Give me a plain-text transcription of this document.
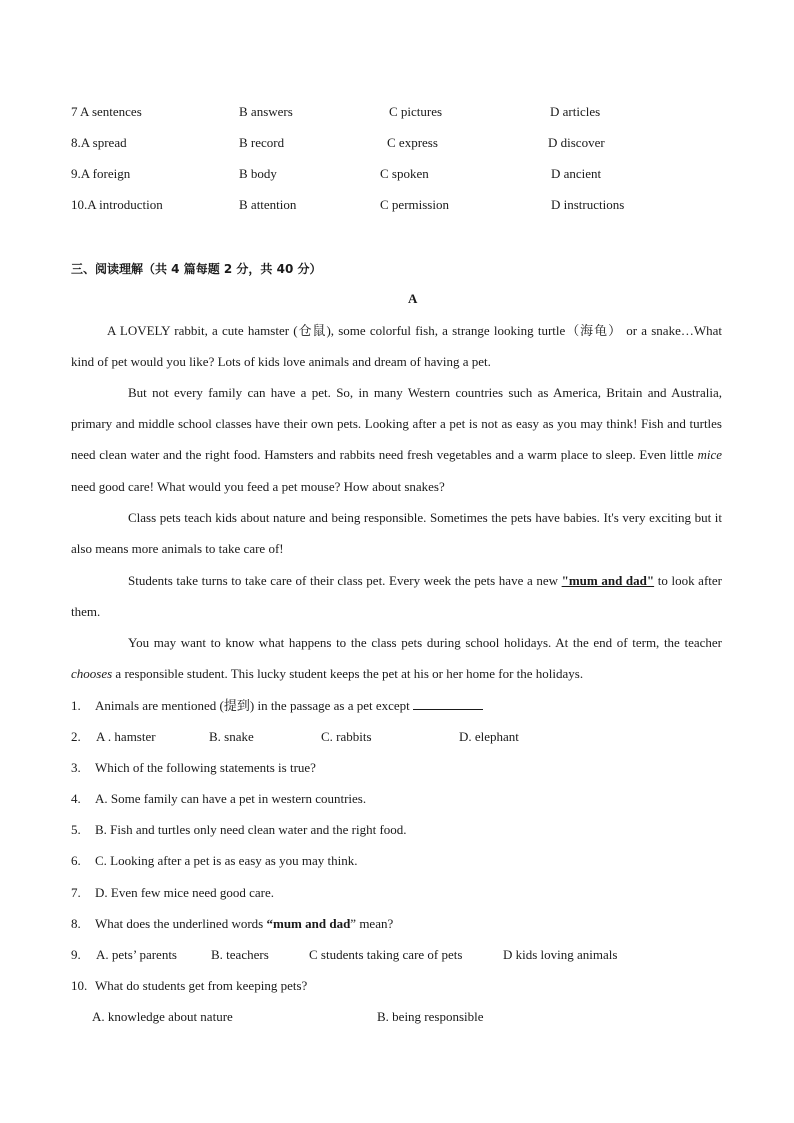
7 A sentences	B answers	C pictures	D articles
8.A spread	B record	C express	D discover
9.A foreign	B body	C spoken	D ancient
10.A introduction	B attention	C permission	D instructions
三、阅读理解（共 4 篇每题 2 分，共 40 分）
A

A LOVELY rabbit, a cute hamster (仓鼠), some colorful fish, a strange looking turtle（海龟） or a snake…What kind of pet would you like? Lots of kids love animals and dream of having a pet.

But not every family can have a pet. So, in many Western countries such as America, Britain and Australia, primary and middle school classes have their own pets. Looking after a pet is not as easy as you may think! Fish and turtles need clean water and the right food. Hamsters and rabbits need fresh vegetables and a warm place to sleep. Even little mice need good care! What would you feed a pet mouse? How about snakes?

Class pets teach kids about nature and being responsible. Sometimes the pets have babies. It's very exciting but it also means more animals to take care of!

Students take turns to take care of their class pet. Every week the pets have a new "mum and dad" to look after them.

You may want to know what happens to the class pets during school holidays. At the end of term, the teacher chooses a responsible student. This lucky student keeps the pet at his or her home for the holidays.

1. Animals are mentioned (提到) in the passage as a pet except
2. A . hamster	B. snake	C. rabbits	D. elephant
3. Which of the following statements is true?
4. A. Some family can have a pet in western countries.
5. B. Fish and turtles only need clean water and the right food.
6. C. Looking after a pet is as easy as you may think.
7. D. Even few mice need good care.
8. What does the underlined words “mum and dad” mean?
9. A. pets’ parents	B. teachers	C students taking care of pets	D kids loving animals
10. What do students get from keeping pets?
A. knowledge about nature	B. being responsible
